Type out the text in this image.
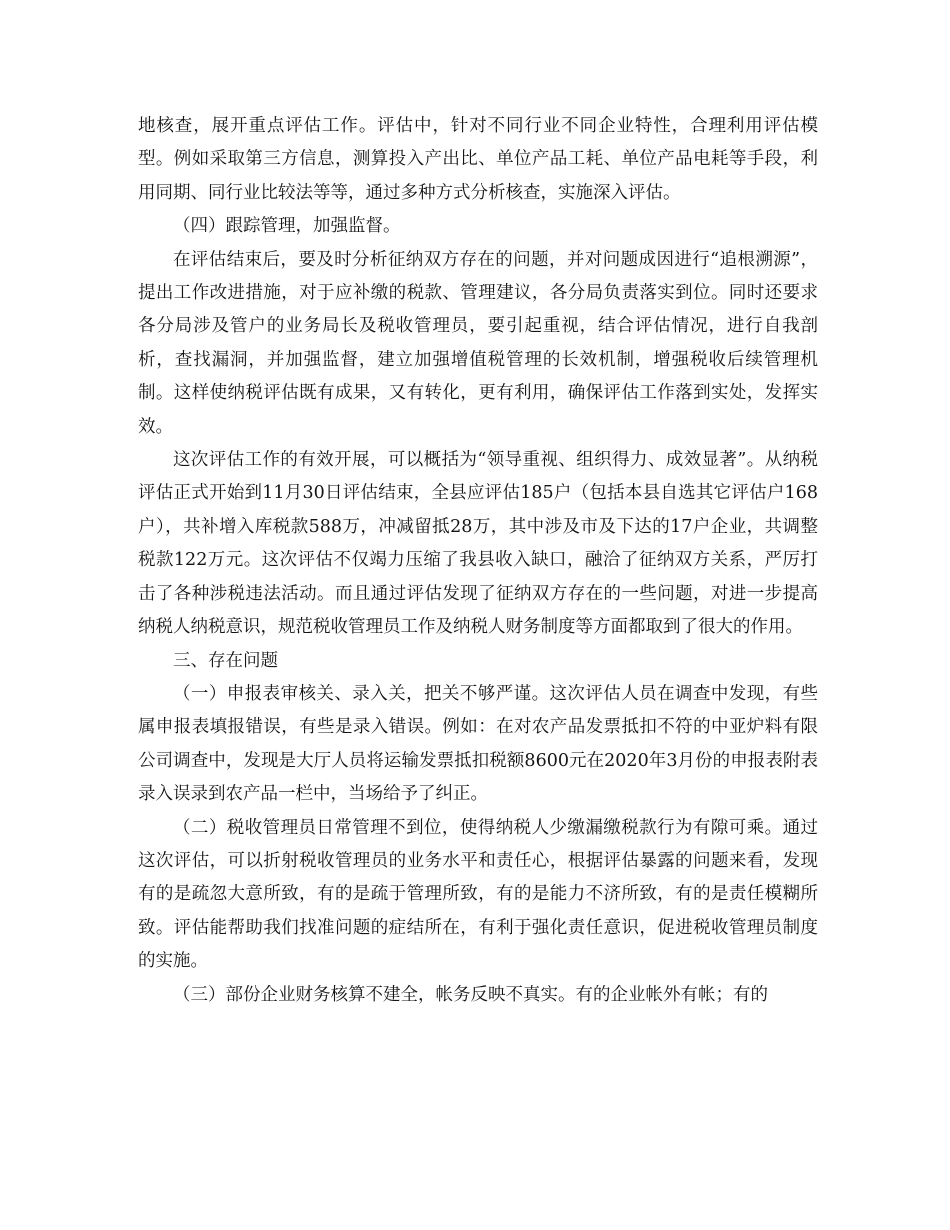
地核查，展开重点评估工作。评估中，针对不同行业不同企业特性，合理利用评估模型。例如采取第三方信息，测算投入产出比、单位产品工耗、单位产品电耗等手段，利用同期、同行业比较法等等，通过多种方式分析核查，实施深入评估。

（四）跟踪管理，加强监督。

在评估结束后，要及时分析征纳双方存在的问题，并对问题成因进行“追根溯源”，提出工作改进措施，对于应补缴的税款、管理建议，各分局负责落实到位。同时还要求各分局涉及管户的业务局长及税收管理员，要引起重视，结合评估情况，进行自我剖析，查找漏洞，并加强监督，建立加强增值税管理的长效机制，增强税收后续管理机制。这样使纳税评估既有成果，又有转化，更有利用，确保评估工作落到实处，发挥实效。

这次评估工作的有效开展，可以概括为“领导重视、组织得力、成效显著”。从纳税评估正式开始到11月30日评估结束，全县应评估185户（包括本县自选其它评估户168户），共补增入库税款588万，冲减留抵28万，其中涉及市及下达的17户企业，共调整税款122万元。这次评估不仅竭力压缩了我县收入缺口，融洽了征纳双方关系，严厉打击了各种涉税违法活动。而且通过评估发现了征纳双方存在的一些问题，对进一步提高纳税人纳税意识，规范税收管理员工作及纳税人财务制度等方面都取到了很大的作用。

三、存在问题

（一）申报表审核关、录入关，把关不够严谨。这次评估人员在调查中发现，有些属申报表填报错误，有些是录入错误。例如：在对农产品发票抵扣不符的中亚炉料有限公司调查中，发现是大厅人员将运输发票抵扣税额8600元在2020年3月份的申报表附表录入误录到农产品一栏中，当场给予了纠正。

（二）税收管理员日常管理不到位，使得纳税人少缴漏缴税款行为有隙可乘。通过这次评估，可以折射税收管理员的业务水平和责任心，根据评估暴露的问题来看，发现有的是疏忽大意所致，有的是疏于管理所致，有的是能力不济所致，有的是责任模糊所致。评估能帮助我们找准问题的症结所在，有利于强化责任意识，促进税收管理员制度的实施。

（三）部份企业财务核算不建全，帐务反映不真实。有的企业帐外有帐；有的
